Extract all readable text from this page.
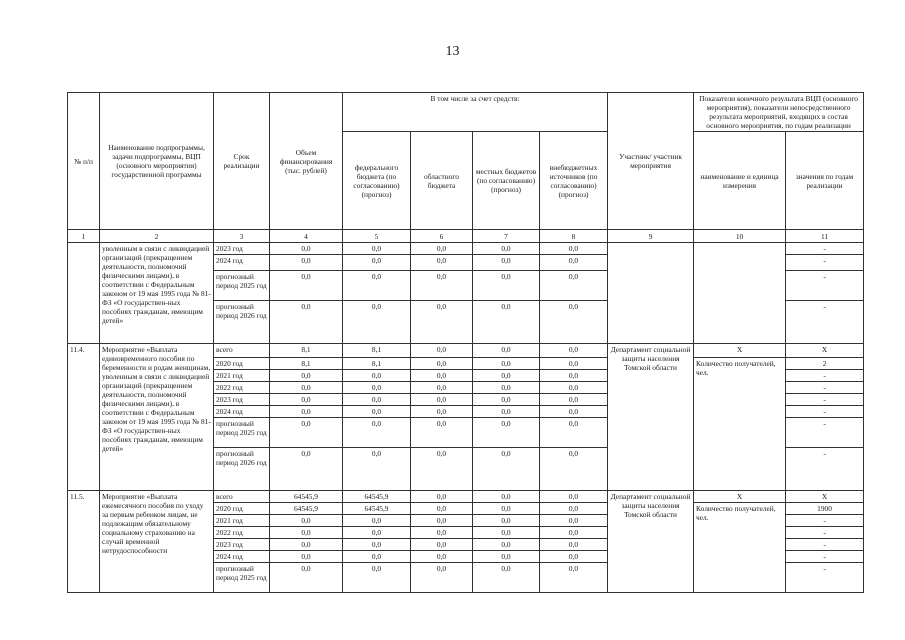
13
№ п/п	Наименование подпрограммы, задачи подпрограммы, ВЦП (основного мероприятия) государственной программы	Срок реализации	Объем финансирования (тыс. рублей)	В том числе за счет средств:				Участник/ участник мероприятия	Показатели конечного результата ВЦП (основного мероприятия), показатели непосредственного результата мероприятий, входящих в состав основного мероприятия, по годам реализации	
				федерального бюджета (по согласованию) (прогноз)	областного бюджета	местных бюджетов (по согласованию) (прогноз)	внебюджетных источников (по согласованию) (прогноз)		наименование и единица измерения	значения по годам реализации
1	2	3	4	5	6	7	8	9	10	11
	уволенным в связи с ликвидацией организаций (прекращением деятельности, полномочий физическими лицами), в соответствии с Федеральным законом от 19 мая 1995 года № 81-ФЗ «О государствен-ных пособиях гражданам, имеющим детей»	2023 год	0,0	0,0	0,0	0,0	0,0			-
		2024 год	0,0	0,0	0,0	0,0	0,0			-
		прогнозный период 2025 год	0,0	0,0	0,0	0,0	0,0			-
		прогнозный период 2026 год	0,0	0,0	0,0	0,0	0,0			-
11.4.	Мероприятие «Выплата единовременного пособия по беременности и родам женщинам, уволенным в связи с ликвидацией организаций (прекращением деятельности, полномочий физическими лицами), в соответствии с Федеральным законом от 19 мая 1995 года № 81-ФЗ «О государствен-ных пособиях гражданам, имеющим детей»	всего	8,1	8,1	0,0	0,0	0,0	Департамент социальной защиты населения Томской области	X	X
		2020 год	8,1	8,1	0,0	0,0	0,0		Количество получателей, чел.	2
		2021 год	0,0	0,0	0,0	0,0	0,0			-
		2022 год	0,0	0,0	0,0	0,0	0,0			-
		2023 год	0,0	0,0	0,0	0,0	0,0			-
		2024 год	0,0	0,0	0,0	0,0	0,0			-
		прогнозный период 2025 год	0,0	0,0	0,0	0,0	0,0			-
		прогнозный период 2026 год	0,0	0,0	0,0	0,0	0,0			-
11.5.	Мероприятие «Выплата ежемесячного пособия по уходу за первым ребенком лицам, не подлежащим обязательному социальному страхованию на случай временной нетрудоспособности	всего	64545,9	64545,9	0,0	0,0	0,0	Департамент социальной защиты населения Томской области	X	X
		2020 год	64545,9	64545,9	0,0	0,0	0,0		Количество получателей, чел.	1900
		2021 год	0,0	0,0	0,0	0,0	0,0			-
		2022 год	0,0	0,0	0,0	0,0	0,0			-
		2023 год	0,0	0,0	0,0	0,0	0,0			-
		2024 год	0,0	0,0	0,0	0,0	0,0			-
		прогнозный период 2025 год	0,0	0,0	0,0	0,0	0,0			-
